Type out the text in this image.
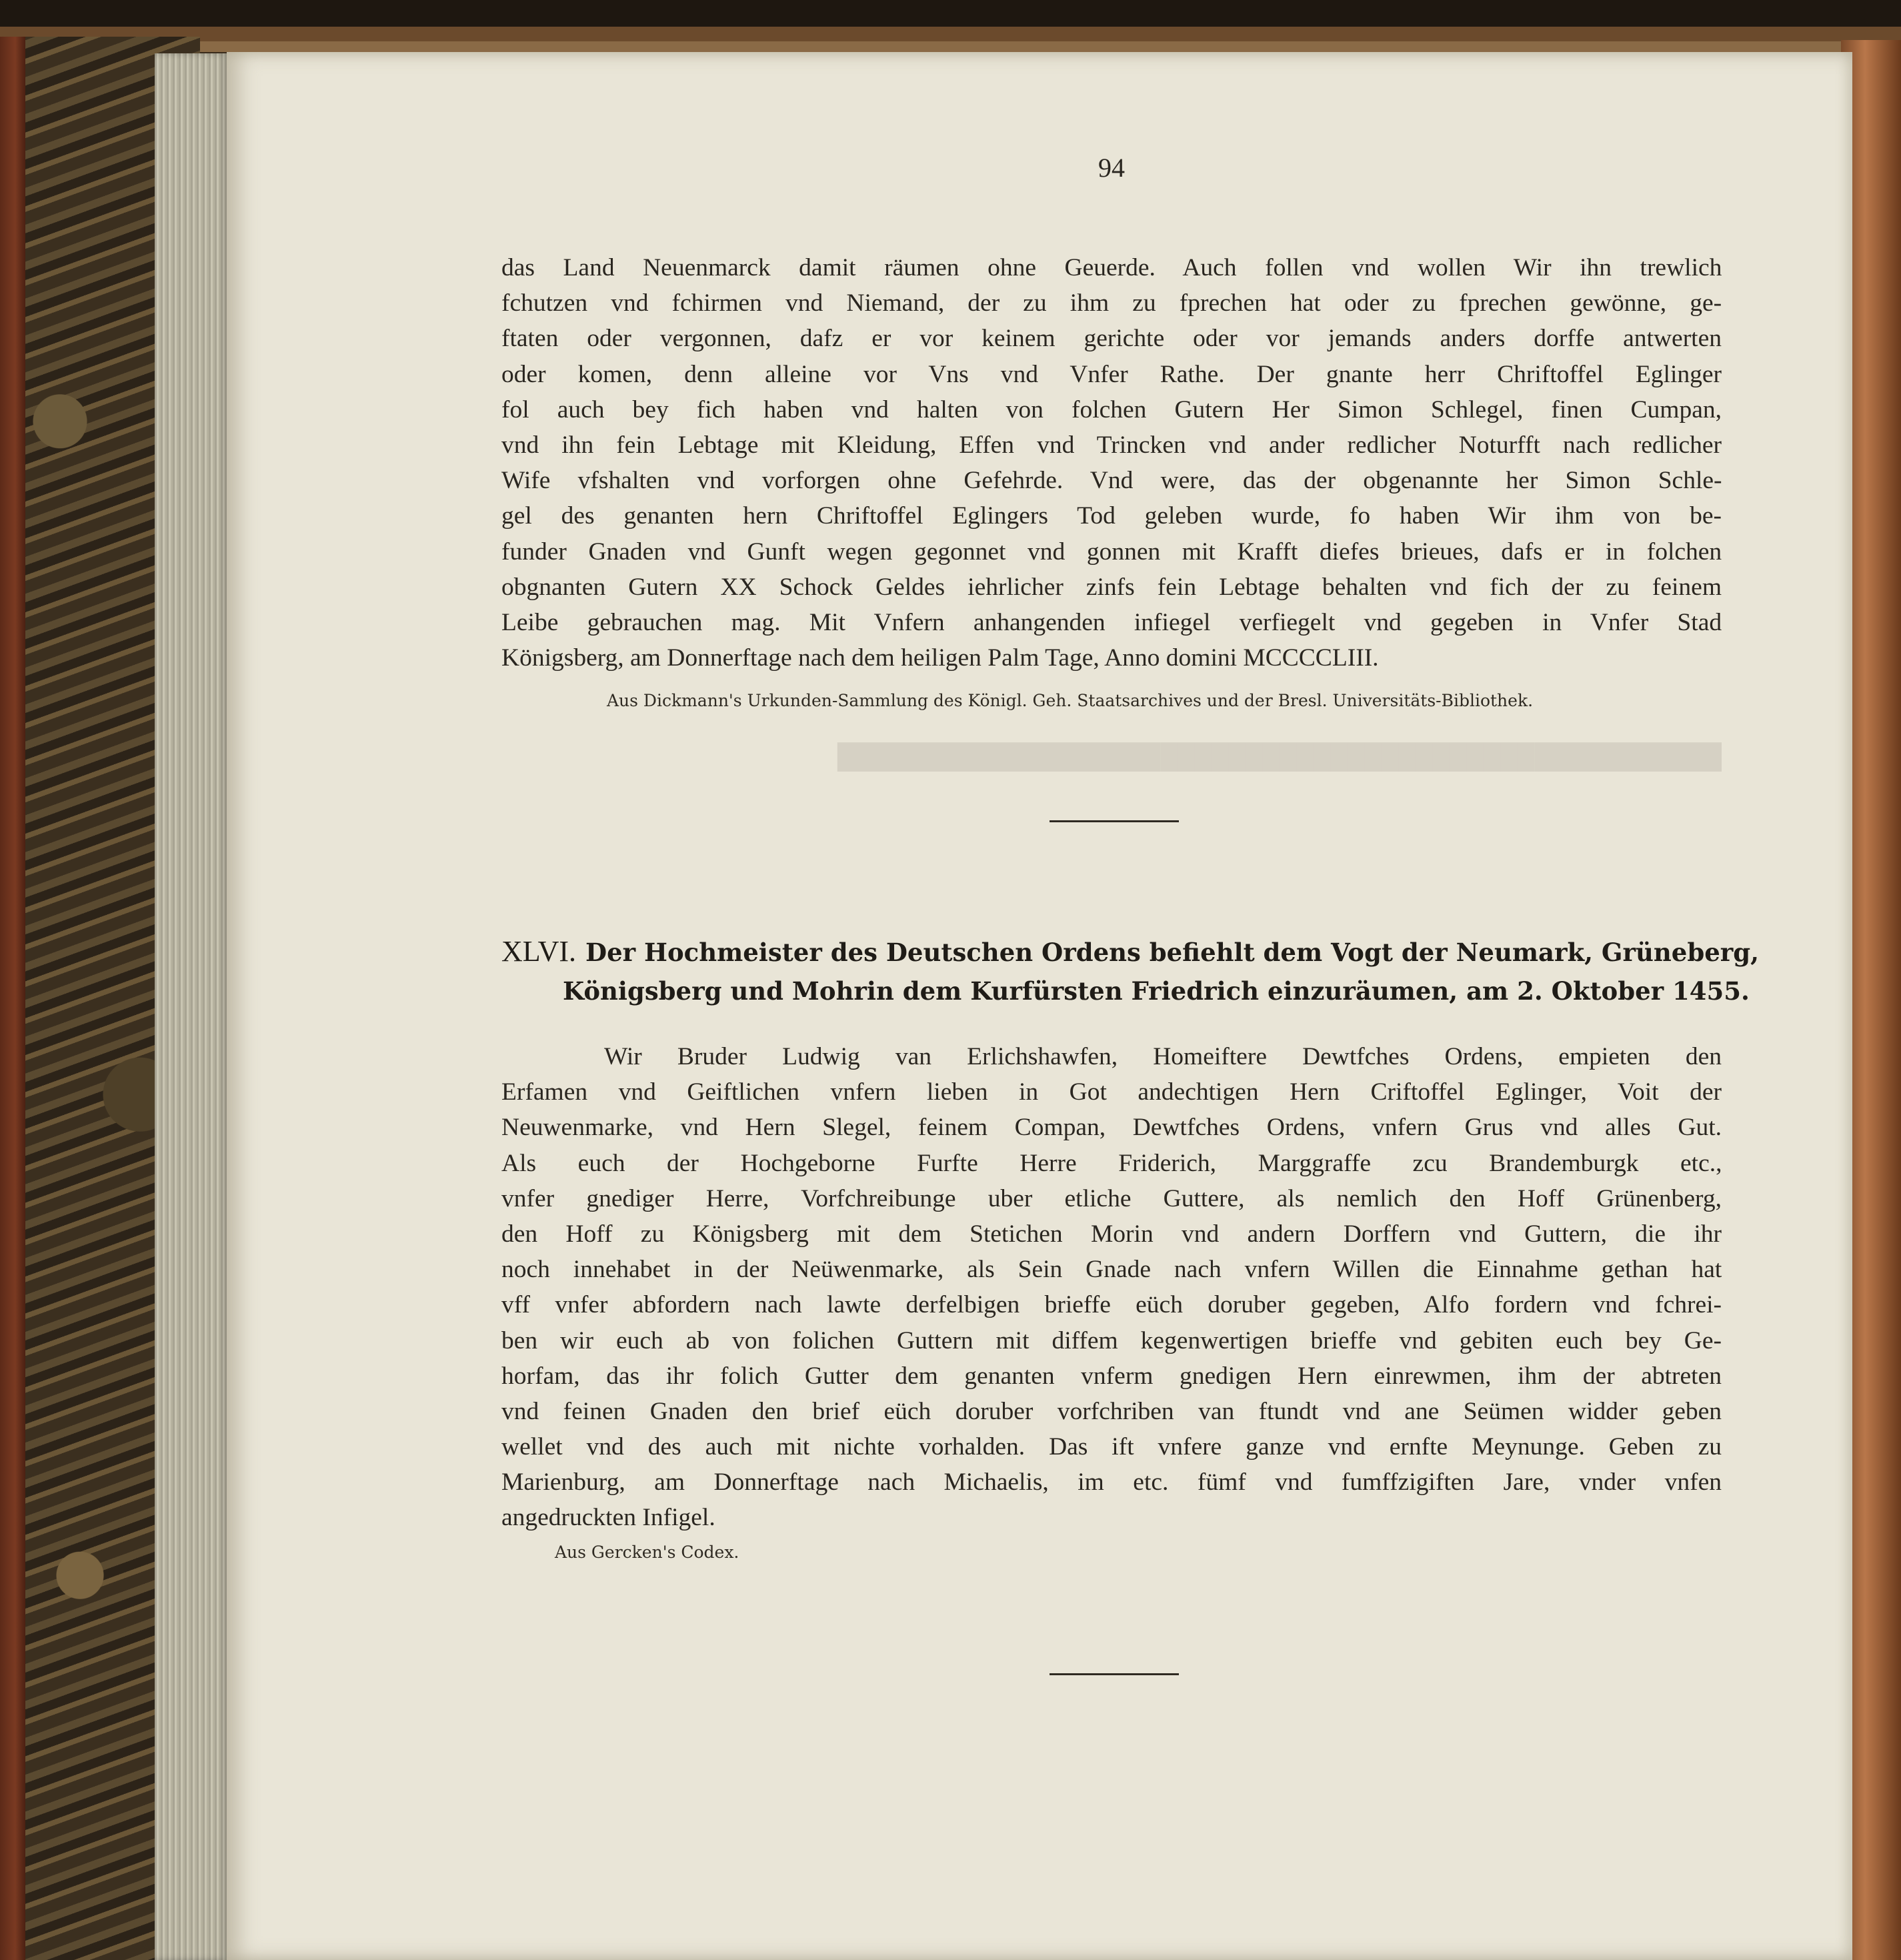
████████████████████████████████████████████████████
94
das Land Neuenmarck damit räumen ohne Geuerde. Auch follen vnd wollen Wir ihn trewlich
fchutzen vnd fchirmen vnd Niemand, der zu ihm zu fprechen hat oder zu fprechen gewönne, ge-
ftaten oder vergonnen, dafz er vor keinem gerichte oder vor jemands anders dorffe antwerten
oder komen, denn alleine vor Vns vnd Vnfer Rathe. Der gnante herr Chriftoffel Eglinger
fol auch bey fich haben vnd halten von folchen Gutern Her Simon Schlegel, finen Cumpan,
vnd ihn fein Lebtage mit Kleidung, Effen vnd Trincken vnd ander redlicher Noturfft nach redlicher
Wife vfshalten vnd vorforgen ohne Gefehrde. Vnd were, das der obgenannte her Simon Schle-
gel des genanten hern Chriftoffel Eglingers Tod geleben wurde, fo haben Wir ihm von be-
funder Gnaden vnd Gunft wegen gegonnet vnd gonnen mit Krafft diefes brieues, dafs er in folchen
obgnanten Gutern XX Schock Geldes iehrlicher zinfs fein Lebtage behalten vnd fich der zu feinem
Leibe gebrauchen mag. Mit Vnfern anhangenden infiegel verfiegelt vnd gegeben in Vnfer Stad
Königsberg, am Donnerftage nach dem heiligen Palm Tage, Anno domini MCCCCLIII.
Aus Dickmann's Urkunden-Sammlung des Königl. Geh. Staatsarchives und der Bresl. Universitäts-Bibliothek.
XLVI. Der Hochmeister des Deutschen Ordens befiehlt dem Vogt der Neumark, Grüneberg,
Königsberg und Mohrin dem Kurfürsten Friedrich einzuräumen, am 2. Oktober 1455.
Wir Bruder Ludwig van Erlichshawfen, Homeiftere Dewtfches Ordens, empieten den
Erfamen vnd Geiftlichen vnfern lieben in Got andechtigen Hern Criftoffel Eglinger, Voit der
Neuwenmarke, vnd Hern Slegel, feinem Compan, Dewtfches Ordens, vnfern Grus vnd alles Gut.
Als euch der Hochgeborne Furfte Herre Friderich, Marggraffe zcu Brandemburgk etc.,
vnfer gnediger Herre, Vorfchreibunge uber etliche Guttere, als nemlich den Hoff Grünenberg,
den Hoff zu Königsberg mit dem Stetichen Morin vnd andern Dorffern vnd Guttern, die ihr
noch innehabet in der Neüwenmarke, als Sein Gnade nach vnfern Willen die Einnahme gethan hat
vff vnfer abfordern nach lawte derfelbigen brieffe eüch doruber gegeben, Alfo fordern vnd fchrei-
ben wir euch ab von folichen Guttern mit diffem kegenwertigen brieffe vnd gebiten euch bey Ge-
horfam, das ihr folich Gutter dem genanten vnferm gnedigen Hern einrewmen, ihm der abtreten
vnd feinen Gnaden den brief eüch doruber vorfchriben van ftundt vnd ane Seümen widder geben
wellet vnd des auch mit nichte vorhalden. Das ift vnfere ganze vnd ernfte Meynunge. Geben zu
Marienburg, am Donnerftage nach Michaelis, im etc. fümf vnd fumffzigiften Jare, vnder vnfen
angedruckten Infigel.
Aus Gercken's Codex.
